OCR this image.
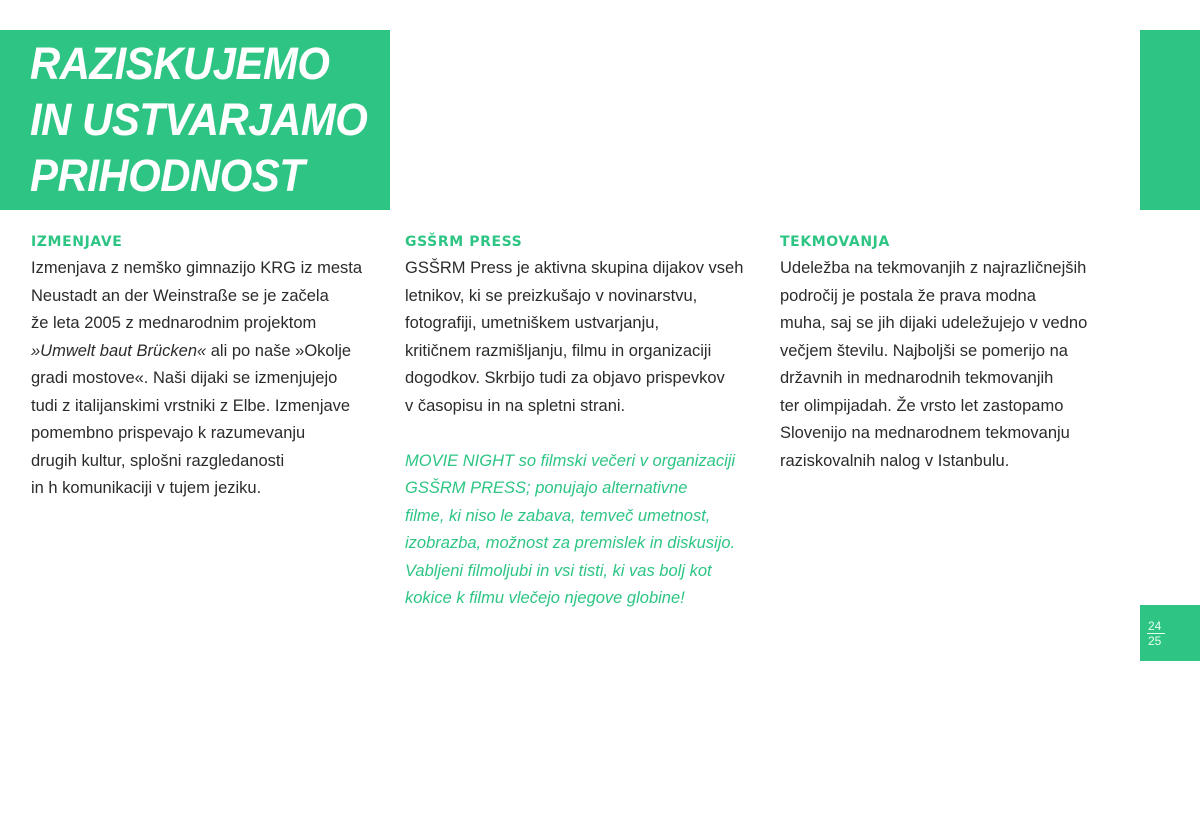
RAZISKUJEMO
IN USTVARJAMO
PRIHODNOST
24
25
IZMENJAVE
Izmenjava z nemško gimnazijo KRG iz mesta
Neustadt an der Weinstraße se je začela
že leta 2005 z mednarodnim projektom
»Umwelt baut Brücken« ali po naše »Okolje
gradi mostove«. Naši dijaki se izmenjujejo
tudi z italijanskimi vrstniki z Elbe. Izmenjave
pomembno prispevajo k razumevanju
drugih kultur, splošni razgledanosti
in h komunikaciji v tujem jeziku.
GSŠRM PRESS
GSŠRM Press je aktivna skupina dijakov vseh
letnikov, ki se preizkušajo v novinarstvu,
fotografiji, umetniškem ustvarjanju,
kritičnem razmišljanju, filmu in organizaciji
dogodkov. Skrbijo tudi za objavo prispevkov
v časopisu in na spletni strani.
MOVIE NIGHT so filmski večeri v organizaciji
GSŠRM PRESS; ponujajo alternativne
filme, ki niso le zabava, temveč umetnost,
izobrazba, možnost za premislek in diskusijo.
Vabljeni filmoljubi in vsi tisti, ki vas bolj kot
kokice k filmu vlečejo njegove globine!
TEKMOVANJA
Udeležba na tekmovanjih z najrazličnejših
področij je postala že prava modna
muha, saj se jih dijaki udeležujejo v vedno
večjem številu. Najboljši se pomerijo na
državnih in mednarodnih tekmovanjih
ter olimpijadah. Že vrsto let zastopamo
Slovenijo na mednarodnem tekmovanju
raziskovalnih nalog v Istanbulu.
